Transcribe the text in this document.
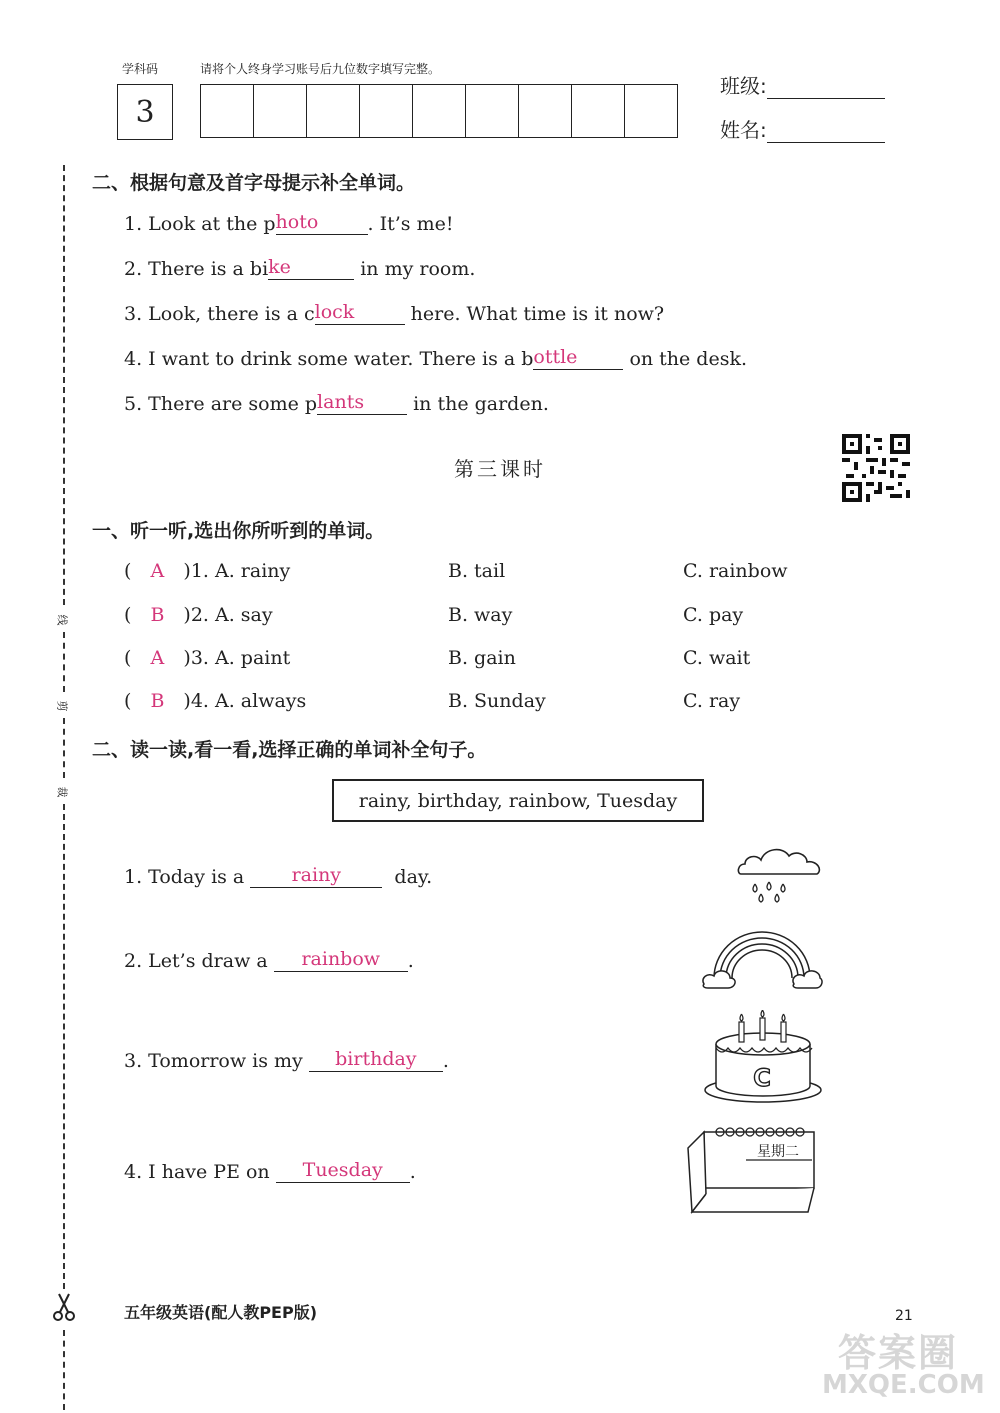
学科码	请将个人终身学习账号后九位数字填写完整。
3
班级:
姓名:
线
剪
裁
二、根据句意及首字母提示补全单词。
1. Look at the p hoto	. It’s me!
2. There is a bi ke	in my room.
3. Look, there is a c lock	here. What time is it now?
4. I want to drink some water. There is a b ottle	on the desk.
5. There are some p lants	in the garden.
第三课时
一、听一听,选出你所听到的单词。
( A )1. A. rainy	B. tail	C. rainbow
( B )2. A. say	B. way	C. pay
( A )3. A. paint	B. gain	C. wait
( B )4. A. always	B. Sunday	C. ray
二、读一读,看一看,选择正确的单词补全句子。
rainy, birthday, rainbow, Tuesday
1. Today is a	rainy	day.
2. Let’s draw a	rainbow	.
3. Tomorrow is my	birthday	.
4. I have PE on	Tuesday	.
C
星期二
五年级英语(配人教PEP版)	21
答案圈
MXQE.COM
